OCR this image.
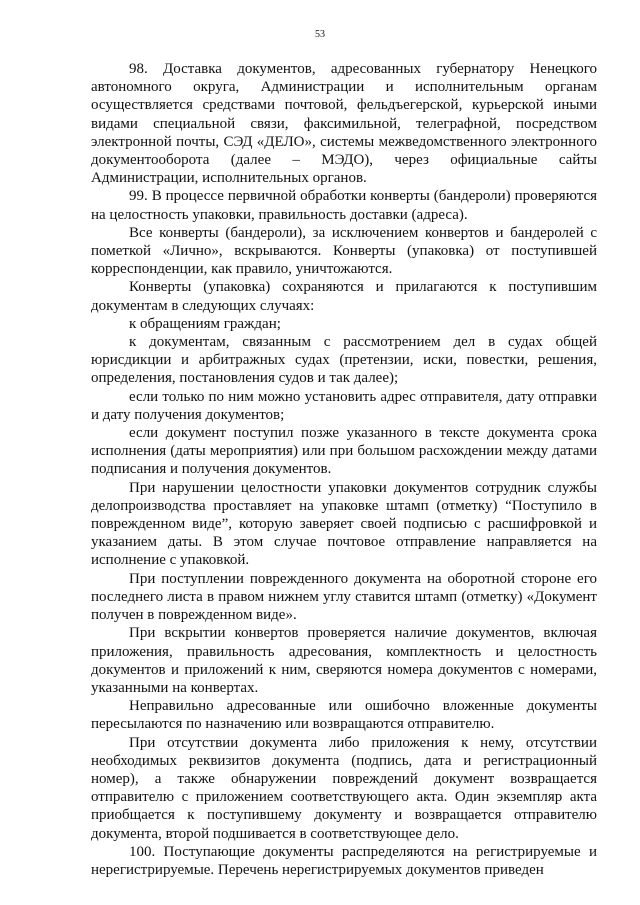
53

98. Доставка документов, адресованных губернатору Ненецкого автономного округа, Администрации и исполнительным органам осуществляется средствами почтовой, фельдъегерской, курьерской иными видами специальной связи, факсимильной, телеграфной, посредством электронной почты, СЭД «ДЕЛО», системы межведомственного электронного документооборота (далее – МЭДО), через официальные сайты Администрации, исполнительных органов.

99. В процессе первичной обработки конверты (бандероли) проверяются на целостность упаковки, правильность доставки (адреса).

Все конверты (бандероли), за исключением конвертов и бандеролей с пометкой «Лично», вскрываются. Конверты (упаковка) от поступившей корреспонденции, как правило, уничтожаются.

Конверты (упаковка) сохраняются и прилагаются к поступившим документам в следующих случаях:

к обращениям граждан;

к документам, связанным с рассмотрением дел в судах общей юрисдикции и арбитражных судах (претензии, иски, повестки, решения, определения, постановления судов и так далее);

если только по ним можно установить адрес отправителя, дату отправки и дату получения документов;

если документ поступил позже указанного в тексте документа срока исполнения (даты мероприятия) или при большом расхождении между датами подписания и получения документов.

При нарушении целостности упаковки документов сотрудник службы делопроизводства проставляет на упаковке штамп (отметку) “Поступило в поврежденном виде”, которую заверяет своей подписью с расшифровкой и указанием даты. В этом случае почтовое отправление направляется на исполнение с упаковкой.

При поступлении поврежденного документа на оборотной стороне его последнего листа в правом нижнем углу ставится штамп (отметку) «Документ получен в поврежденном виде».

При вскрытии конвертов проверяется наличие документов, включая приложения, правильность адресования, комплектность и целостность документов и приложений к ним, сверяются номера документов с номерами, указанными на конвертах.

Неправильно адресованные или ошибочно вложенные документы пересылаются по назначению или возвращаются отправителю.

При отсутствии документа либо приложения к нему, отсутствии необходимых реквизитов документа (подпись, дата и регистрационный номер), а также обнаружении повреждений документ возвращается отправителю с приложением соответствующего акта. Один экземпляр акта приобщается к поступившему документу и возвращается отправителю документа, второй подшивается в соответствующее дело.

100. Поступающие документы распределяются на регистрируемые и нерегистрируемые. Перечень нерегистрируемых документов приведен
